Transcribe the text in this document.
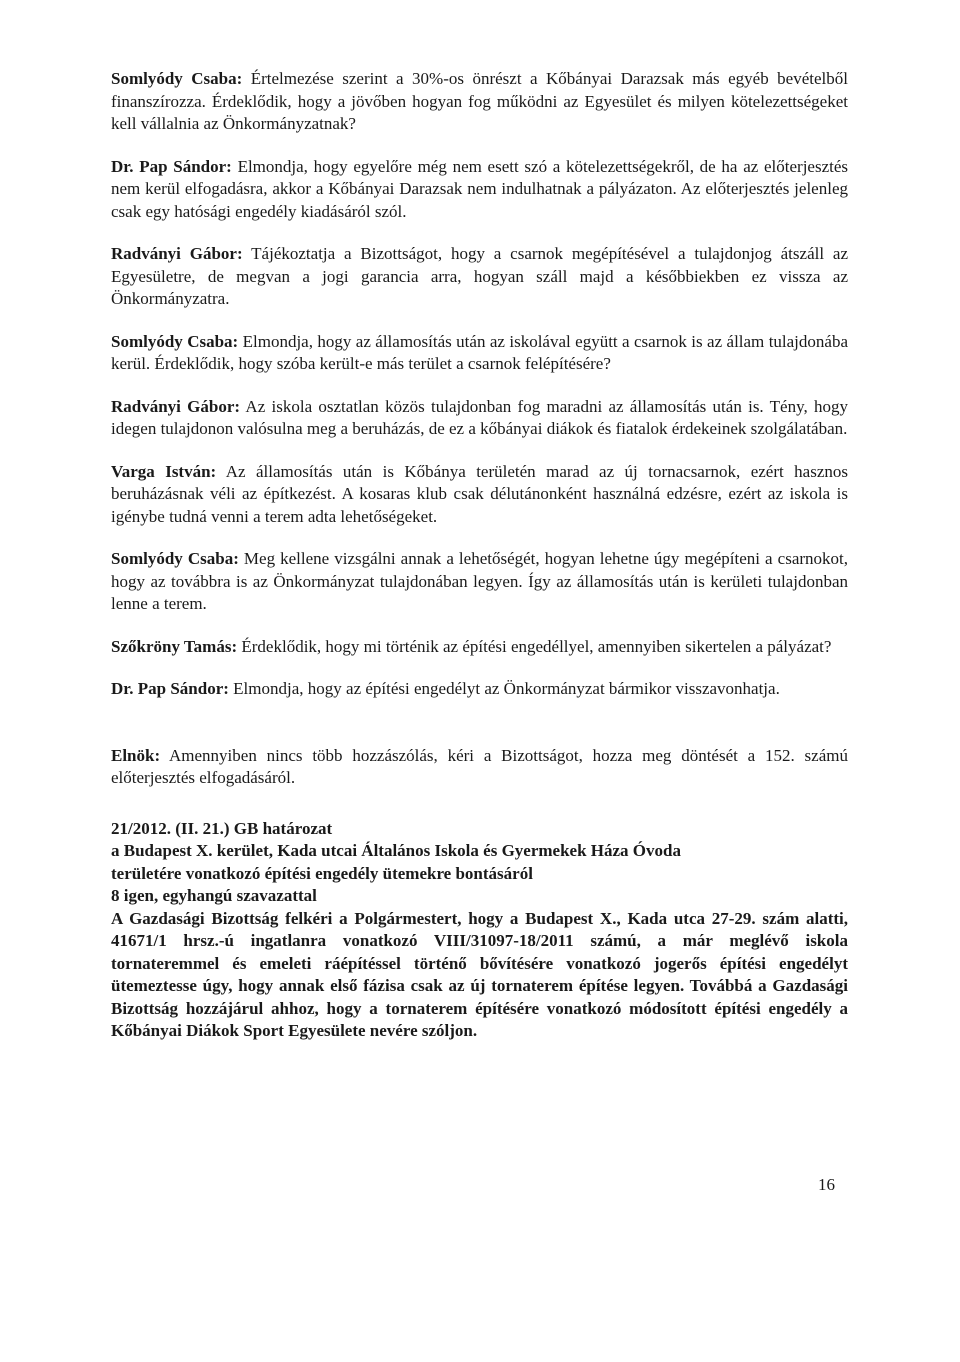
Somlyódy Csaba: Értelmezése szerint a 30%-os önrészt a Kőbányai Darazsak más egyéb bevételből finanszírozza. Érdeklődik, hogy a jövőben hogyan fog működni az Egyesület és milyen kötelezettségeket kell vállalnia az Önkormányzatnak?

Dr. Pap Sándor: Elmondja, hogy egyelőre még nem esett szó a kötelezettségekről, de ha az előterjesztés nem kerül elfogadásra, akkor a Kőbányai Darazsak nem indulhatnak a pályázaton. Az előterjesztés jelenleg csak egy hatósági engedély kiadásáról szól.

Radványi Gábor: Tájékoztatja a Bizottságot, hogy a csarnok megépítésével a tulajdonjog átszáll az Egyesületre, de megvan a jogi garancia arra, hogyan száll majd a későbbiekben ez vissza az Önkormányzatra.

Somlyódy Csaba: Elmondja, hogy az államosítás után az iskolával együtt a csarnok is az állam tulajdonába kerül. Érdeklődik, hogy szóba került-e más terület a csarnok felépítésére?

Radványi Gábor: Az iskola osztatlan közös tulajdonban fog maradni az államosítás után is. Tény, hogy idegen tulajdonon valósulna meg a beruházás, de ez a kőbányai diákok és fiatalok érdekeinek szolgálatában.

Varga István: Az államosítás után is Kőbánya területén marad az új tornacsarnok, ezért hasznos beruházásnak véli az építkezést. A kosaras klub csak délutánonként használná edzésre, ezért az iskola is igénybe tudná venni a terem adta lehetőségeket.

Somlyódy Csaba: Meg kellene vizsgálni annak a lehetőségét, hogyan lehetne úgy megépíteni a csarnokot, hogy az továbbra is az Önkormányzat tulajdonában legyen. Így az államosítás után is kerületi tulajdonban lenne a terem.

Szőkröny Tamás: Érdeklődik, hogy mi történik az építési engedéllyel, amennyiben sikertelen a pályázat?

Dr. Pap Sándor: Elmondja, hogy az építési engedélyt az Önkormányzat bármikor visszavonhatja.

Elnök: Amennyiben nincs több hozzászólás, kéri a Bizottságot, hozza meg döntését a 152. számú előterjesztés elfogadásáról.

21/2012. (II. 21.) GB határozat
a Budapest X. kerület, Kada utcai Általános Iskola és Gyermekek Háza Óvoda
területére vonatkozó építési engedély ütemekre bontásáról
8 igen, egyhangú szavazattal
A Gazdasági Bizottság felkéri a Polgármestert, hogy a Budapest X., Kada utca 27-29. szám alatti, 41671/1 hrsz.-ú ingatlanra vonatkozó VIII/31097-18/2011 számú, a már meglévő iskola tornateremmel és emeleti ráépítéssel történő bővítésére vonatkozó jogerős építési engedélyt ütemeztesse úgy, hogy annak első fázisa csak az új tornaterem építése legyen. Továbbá a Gazdasági Bizottság hozzájárul ahhoz, hogy a tornaterem építésére vonatkozó módosított építési engedély a Kőbányai Diákok Sport Egyesülete nevére szóljon.
16
